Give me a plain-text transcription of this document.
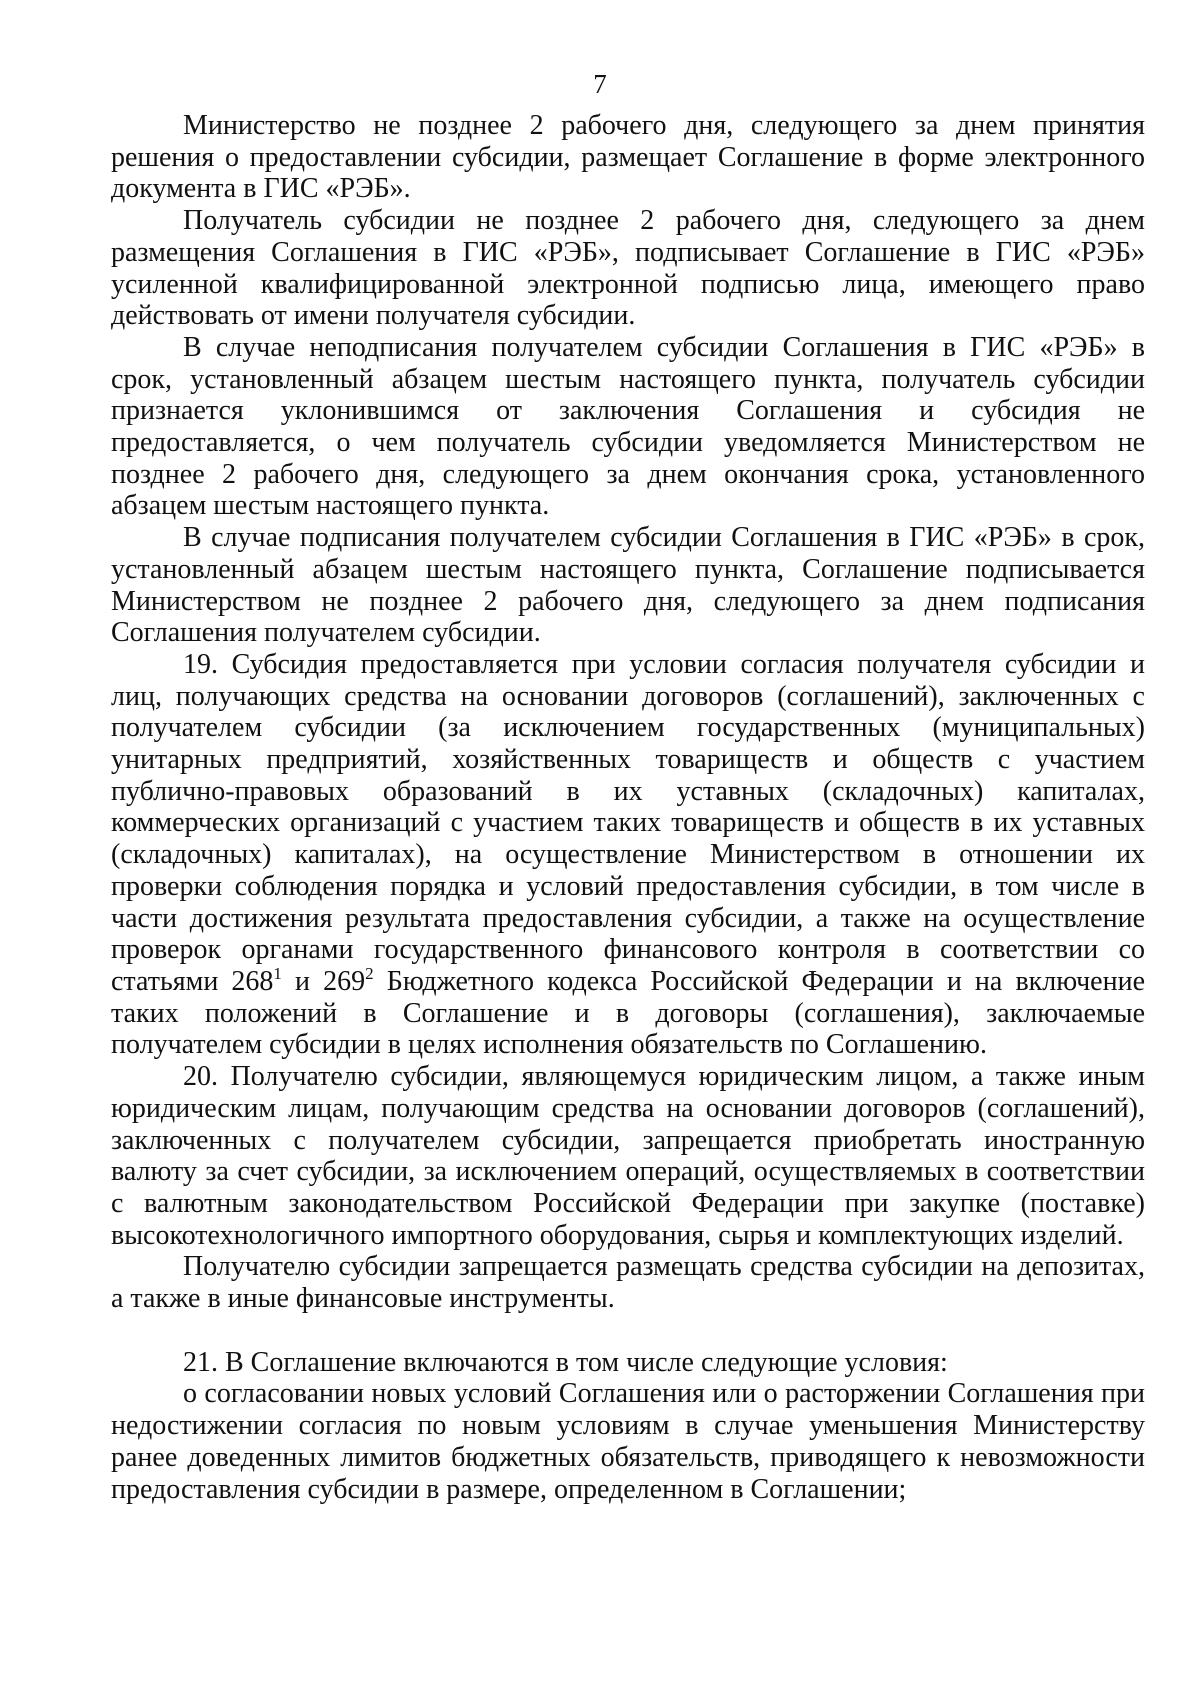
7

Министерство не позднее 2 рабочего дня, следующего за днем принятия решения о предоставлении субсидии, размещает Соглашение в форме электронного документа в ГИС «РЭБ».

Получатель субсидии не позднее 2 рабочего дня, следующего за днем размещения Соглашения в ГИС «РЭБ», подписывает Соглашение в ГИС «РЭБ» усиленной квалифицированной электронной подписью лица, имеющего право действовать от имени получателя субсидии.

В случае неподписания получателем субсидии Соглашения в ГИС «РЭБ» в срок, установленный абзацем шестым настоящего пункта, получатель субсидии признается уклонившимся от заключения Соглашения и субсидия не предоставляется, о чем получатель субсидии уведомляется Министерством не позднее 2 рабочего дня, следующего за днем окончания срока, установленного абзацем шестым настоящего пункта.

В случае подписания получателем субсидии Соглашения в ГИС «РЭБ» в срок, установленный абзацем шестым настоящего пункта, Соглашение подписывается Министерством не позднее 2 рабочего дня, следующего за днем подписания Соглашения получателем субсидии.

19. Субсидия предоставляется при условии согласия получателя субсидии и лиц, получающих средства на основании договоров (соглашений), заключенных с получателем субсидии (за исключением государственных (муниципальных) унитарных предприятий, хозяйственных товариществ и обществ с участием публично-правовых образований в их уставных (складочных) капиталах, коммерческих организаций с участием таких товариществ и обществ в их уставных (складочных) капиталах), на осуществление Министерством в отношении их проверки соблюдения порядка и условий предоставления субсидии, в том числе в части достижения результата предоставления субсидии, а также на осуществление проверок органами государственного финансового контроля в соответствии со статьями $268^1$ и $269^2$ Бюджетного кодекса Российской Федерации и на включение таких положений в Соглашение и в договоры (соглашения), заключаемые получателем субсидии в целях исполнения обязательств по Соглашению.

20. Получателю субсидии, являющемуся юридическим лицом, а также иным юридическим лицам, получающим средства на основании договоров (соглашений), заключенных с получателем субсидии, запрещается приобретать иностранную валюту за счет субсидии, за исключением операций, осуществляемых в соответствии с валютным законодательством Российской Федерации при закупке (поставке) высокотехнологичного импортного оборудования, сырья и комплектующих изделий.

Получателю субсидии запрещается размещать средства субсидии на депозитах, а также в иные финансовые инструменты.

21. В Соглашение включаются в том числе следующие условия:

о согласовании новых условий Соглашения или о расторжении Соглашения при недостижении согласия по новым условиям в случае уменьшения Министерству ранее доведенных лимитов бюджетных обязательств, приводящего к невозможности предоставления субсидии в размере, определенном в Соглашении;
